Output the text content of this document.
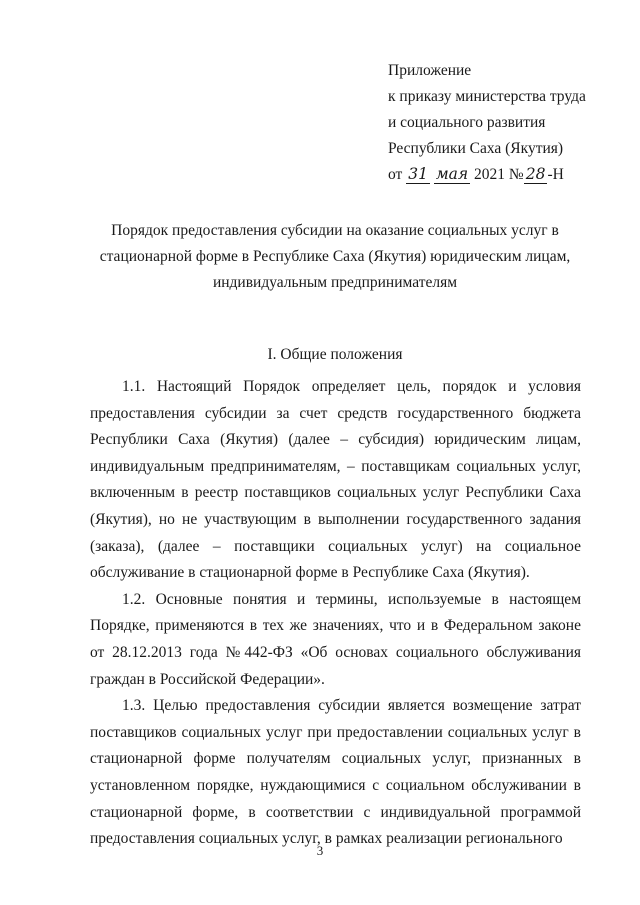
Приложение
к приказу министерства труда
и социального развития
Республики Саха (Якутия)
от 31 мая 2021 № 28 -Н
Порядок предоставления субсидии на оказание социальных услуг в
стационарной форме в Республике Саха (Якутия) юридическим лицам,
индивидуальным предпринимателям
I. Общие положения

1.1. Настоящий Порядок определяет цель, порядок и условия предоставления субсидии за счет средств государственного бюджета Республики Саха (Якутия) (далее – субсидия) юридическим лицам, индивидуальным предпринимателям, – поставщикам социальных услуг, включенным в реестр поставщиков социальных услуг Республики Саха (Якутия), но не участвующим в выполнении государственного задания (заказа), (далее – поставщики социальных услуг) на социальное обслуживание в стационарной форме в Республике Саха (Якутия).

1.2. Основные понятия и термины, используемые в настоящем Порядке, применяются в тех же значениях, что и в Федеральном законе от 28.12.2013 года №442-ФЗ «Об основах социального обслуживания граждан в Российской Федерации».

1.3. Целью предоставления субсидии является возмещение затрат поставщиков социальных услуг при предоставлении социальных услуг в стационарной форме получателям социальных услуг, признанных в установленном порядке, нуждающимися с социальном обслуживании в стационарной форме, в соответствии с индивидуальной программой предоставления социальных услуг, в рамках реализации регионального

3
